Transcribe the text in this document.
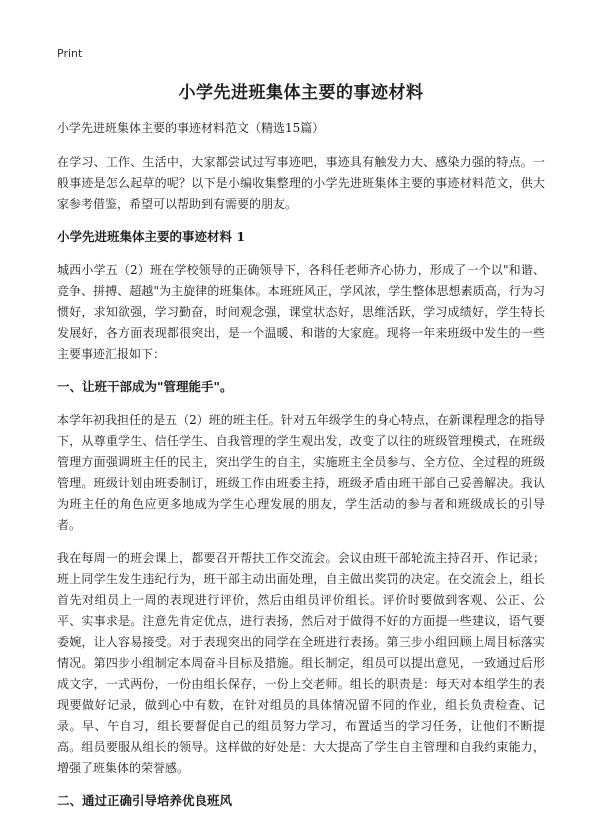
Print
小学先进班集体主要的事迹材料

小学先进班集体主要的事迹材料范文（精选15篇）

在学习、工作、生活中，大家都尝试过写事迹吧，事迹具有触发力大、感染力强的特点。一般事迹是怎么起草的呢？以下是小编收集整理的小学先进班集体主要的事迹材料范文，供大家参考借鉴，希望可以帮助到有需要的朋友。

小学先进班集体主要的事迹材料 1

城西小学五（2）班在学校领导的正确领导下，各科任老师齐心协力，形成了一个以"和谐、竞争、拼搏、超越"为主旋律的班集体。本班班风正，学风浓，学生整体思想素质高，行为习惯好，求知欲强，学习勤奋，时间观念强，课堂状态好，思维活跃，学习成绩好，学生特长发展好，各方面表现都很突出，是一个温暖、和谐的大家庭。现将一年来班级中发生的一些主要事迹汇报如下：

一、让班干部成为"管理能手"。

本学年初我担任的是五（2）班的班主任。针对五年级学生的身心特点，在新课程理念的指导下，从尊重学生、信任学生、自我管理的学生观出发，改变了以往的班级管理模式，在班级管理方面强调班主任的民主，突出学生的自主，实施班主全员参与、全方位、全过程的班级管理。班级计划由班委制订，班级工作由班委主持，班级矛盾由班干部自己妥善解决。我认为班主任的角色应更多地成为学生心理发展的朋友，学生活动的参与者和班级成长的引导者。

我在每周一的班会课上，都要召开帮扶工作交流会。会议由班干部轮流主持召开、作记录；班上同学生发生违纪行为，班干部主动出面处理，自主做出奖罚的决定。在交流会上，组长首先对组员上一周的表现进行评价，然后由组员评价组长。评价时要做到客观、公正、公平、实事求是。注意先肯定优点，进行表扬，然后对于做得不好的方面提一些建议，语气要委婉，让人容易接受。对于表现突出的同学在全班进行表扬。第三步小组回顾上周目标落实情况。第四步小组制定本周奋斗目标及措施。组长制定，组员可以提出意见，一致通过后形成文字，一式两份，一份由组长保存，一份上交老师。组长的职责是：每天对本组学生的表现要做好记录，做到心中有数，在针对组员的具体情况留不同的作业，组长负责检查、记录。早、午自习，组长要督促自己的组员努力学习，布置适当的学习任务，让他们不断提高。组员要服从组长的领导。这样做的好处是：大大提高了学生自主管理和自我约束能力，增强了班集体的荣誉感。

二、通过正确引导培养优良班风
